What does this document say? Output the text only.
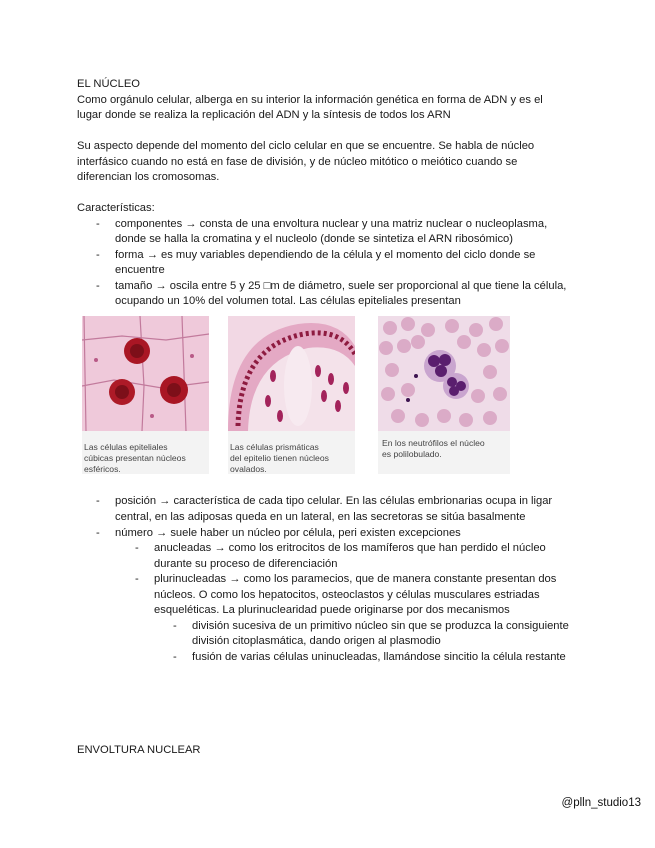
EL NÚCLEO
Como orgánulo celular, alberga en su interior la información genética en forma de ADN y es el
lugar donde se realiza la replicación del ADN y la síntesis de todos los ARN
Su aspecto depende del momento del ciclo celular en que se encuentre. Se habla de núcleo
interfásico cuando no está en fase de división, y de núcleo mitótico o meiótico cuando se
diferencian los cromosomas.
Características:
- componentes → consta de una envoltura nuclear y una matriz nuclear o nucleoplasma,
donde se halla la cromatina y el nucleolo (donde se sintetiza el ARN ribosómico)
- forma → es muy variables dependiendo de la célula y el momento del ciclo donde se
encuentre
- tamaño → oscila entre 5 y 25 □m de diámetro, suele ser proporcional al que tiene la célula,
ocupando un 10% del volumen total. Las células epiteliales presentan
Las células epiteliales
cúbicas presentan núcleos
esféricos.
Las células prismáticas
del epitelio tienen núcleos
ovalados.
En los neutrófilos el núcleo
es polilobulado.
- posición → característica de cada tipo celular. En las células embrionarias ocupa in ligar
central, en las adiposas queda en un lateral, en las secretoras se sitúa basalmente
- número → suele haber un núcleo por célula, peri existen excepciones
- anucleadas → como los eritrocitos de los mamíferos que han perdido el núcleo
durante su proceso de diferenciación
- plurinucleadas → como los paramecios, que de manera constante presentan dos
núcleos. O como los hepatocitos, osteoclastos y células musculares estriadas
esqueléticas. La plurinuclearidad puede originarse por dos mecanismos
- división sucesiva de un primitivo núcleo sin que se produzca la consiguiente
división citoplasmática, dando origen al plasmodio
- fusión de varias células uninucleadas, llamándose sincitio la célula restante
ENVOLTURA NUCLEAR
@plln_studio13
